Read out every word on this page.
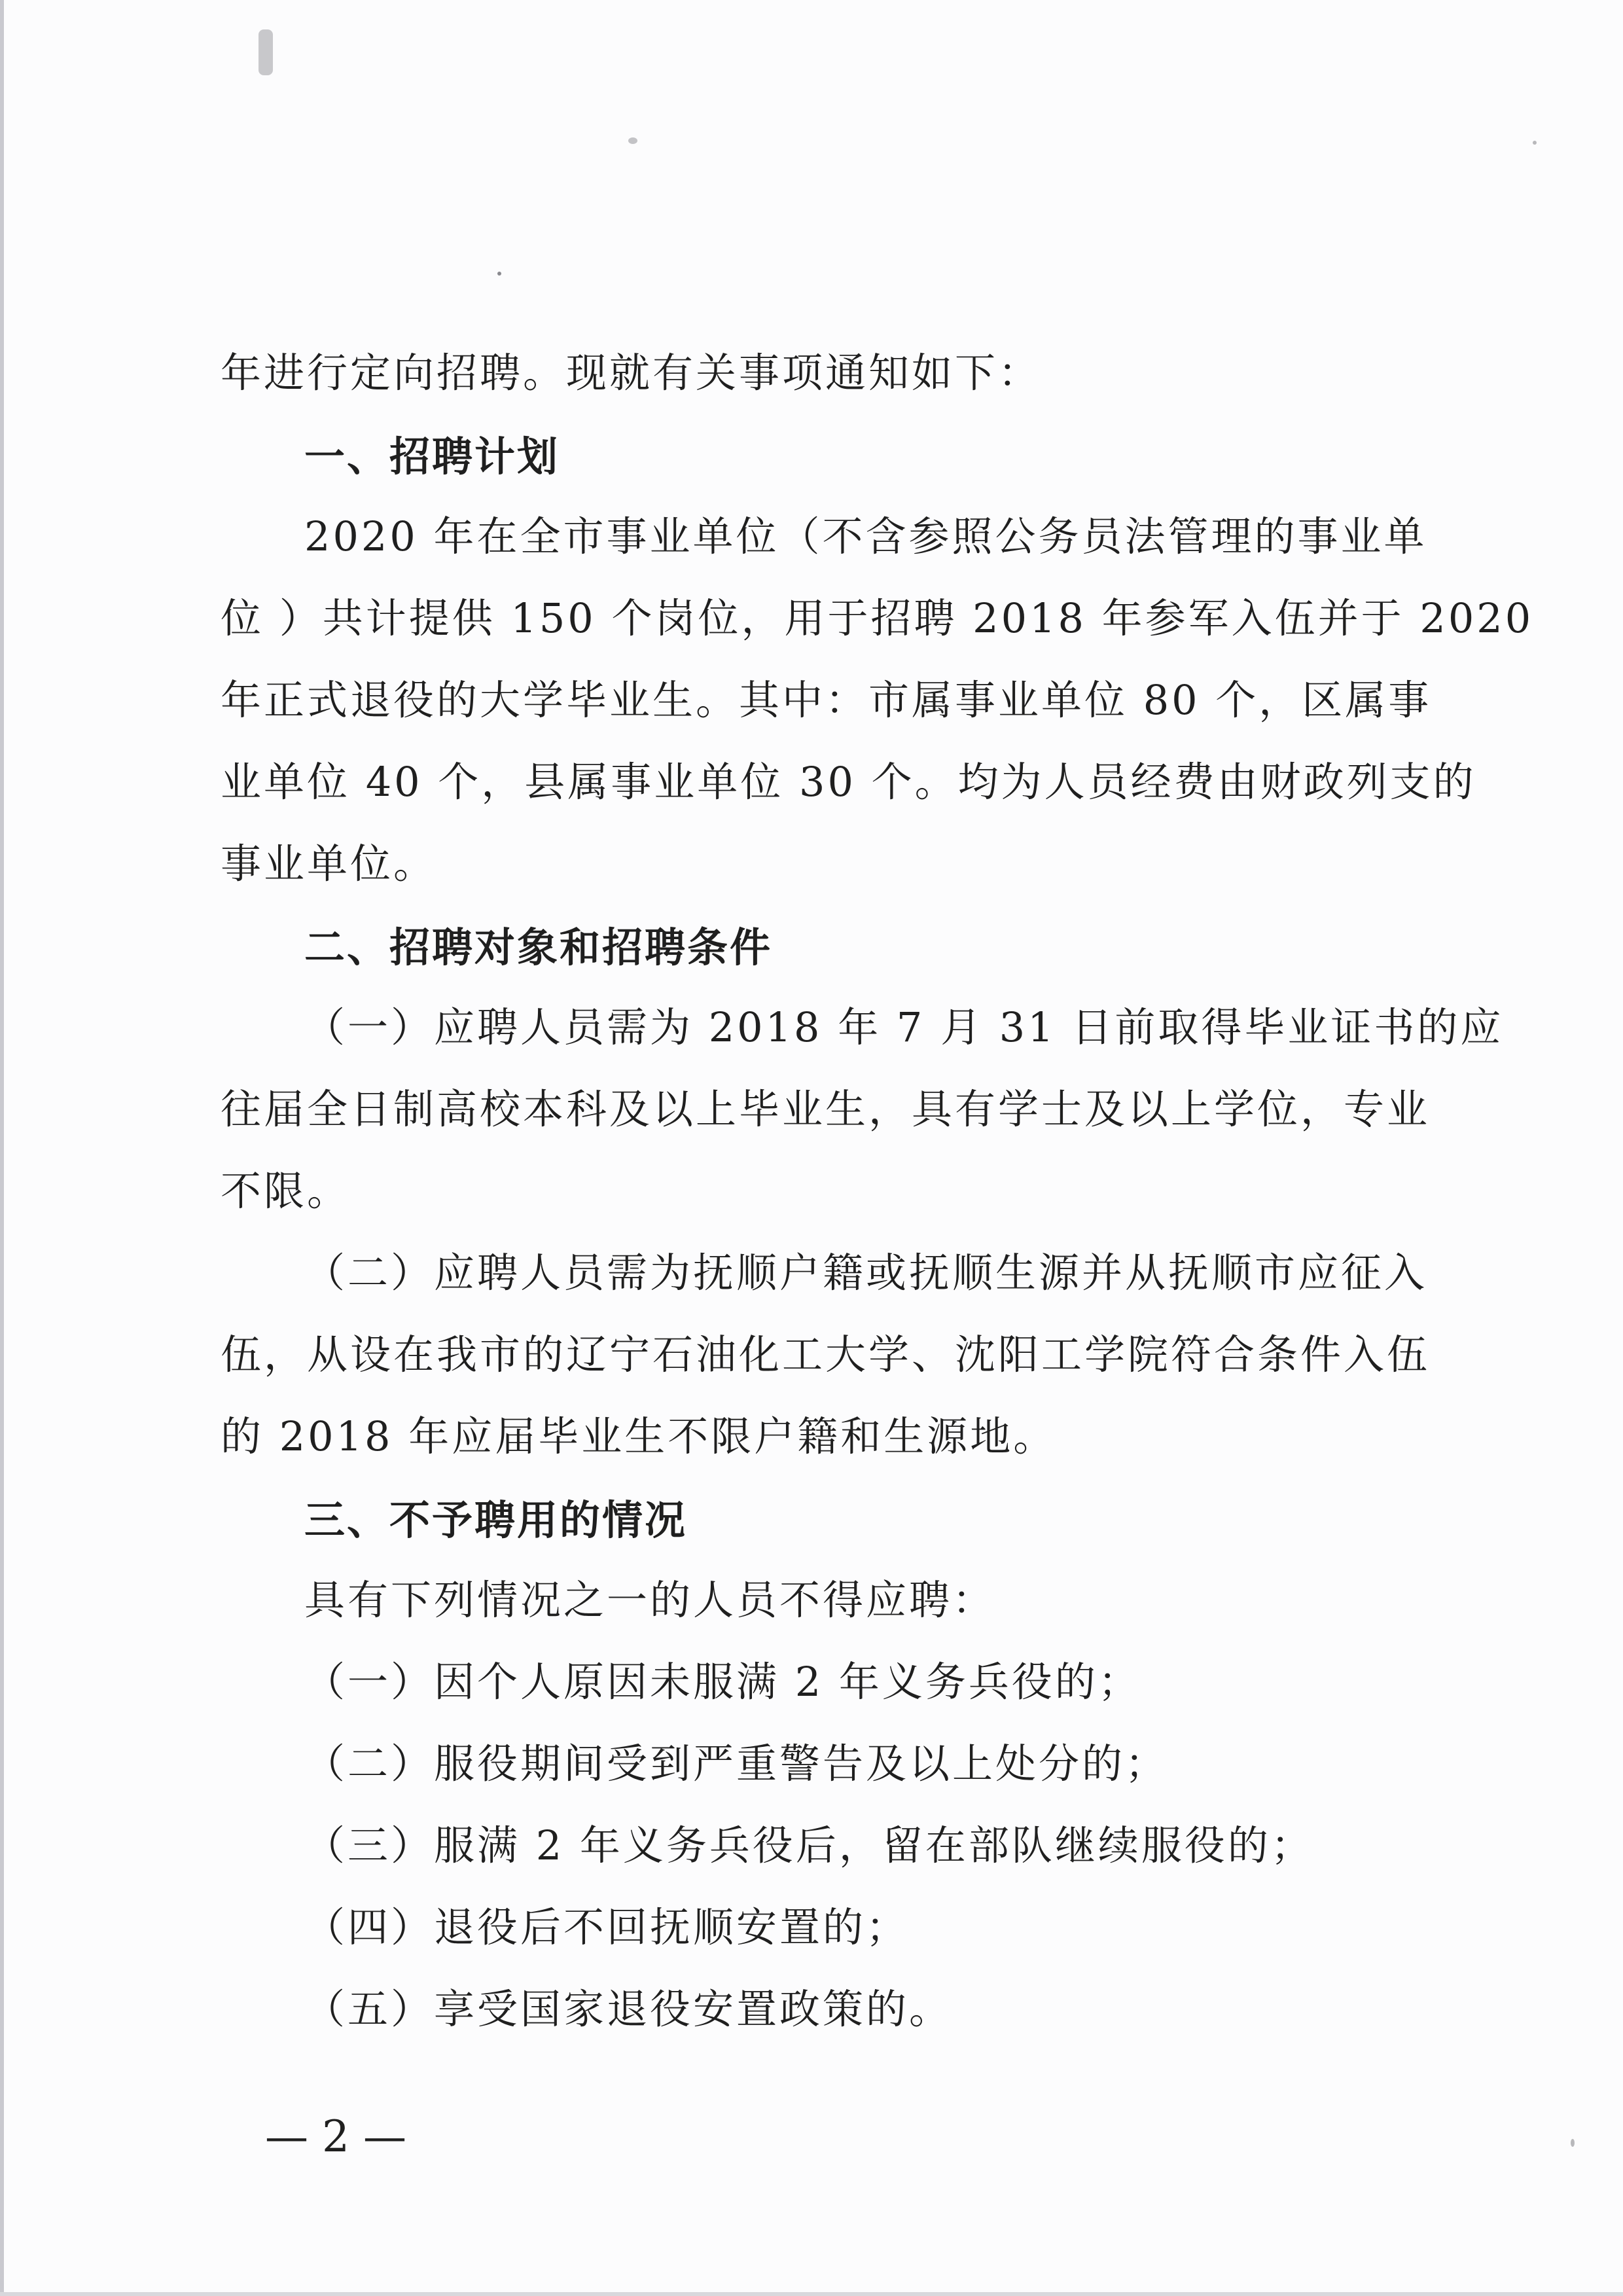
年进行定向招聘。现就有关事项通知如下：
一、招聘计划
2020 年在全市事业单位（不含参照公务员法管理的事业单
位 ）共计提供 150 个岗位，用于招聘 2018 年参军入伍并于 2020
年正式退役的大学毕业生。其中：市属事业单位 80 个，区属事
业单位 40 个，县属事业单位 30 个。均为人员经费由财政列支的
事业单位。
二、招聘对象和招聘条件
（一）应聘人员需为 2018 年 7 月 31 日前取得毕业证书的应
往届全日制高校本科及以上毕业生，具有学士及以上学位，专业
不限。
（二）应聘人员需为抚顺户籍或抚顺生源并从抚顺市应征入
伍，从设在我市的辽宁石油化工大学、沈阳工学院符合条件入伍
的 2018 年应届毕业生不限户籍和生源地。
三、不予聘用的情况
具有下列情况之一的人员不得应聘：
（一）因个人原因未服满 2 年义务兵役的；
（二）服役期间受到严重警告及以上处分的；
（三）服满 2 年义务兵役后，留在部队继续服役的；
（四）退役后不回抚顺安置的；
（五）享受国家退役安置政策的。
— 2 —
